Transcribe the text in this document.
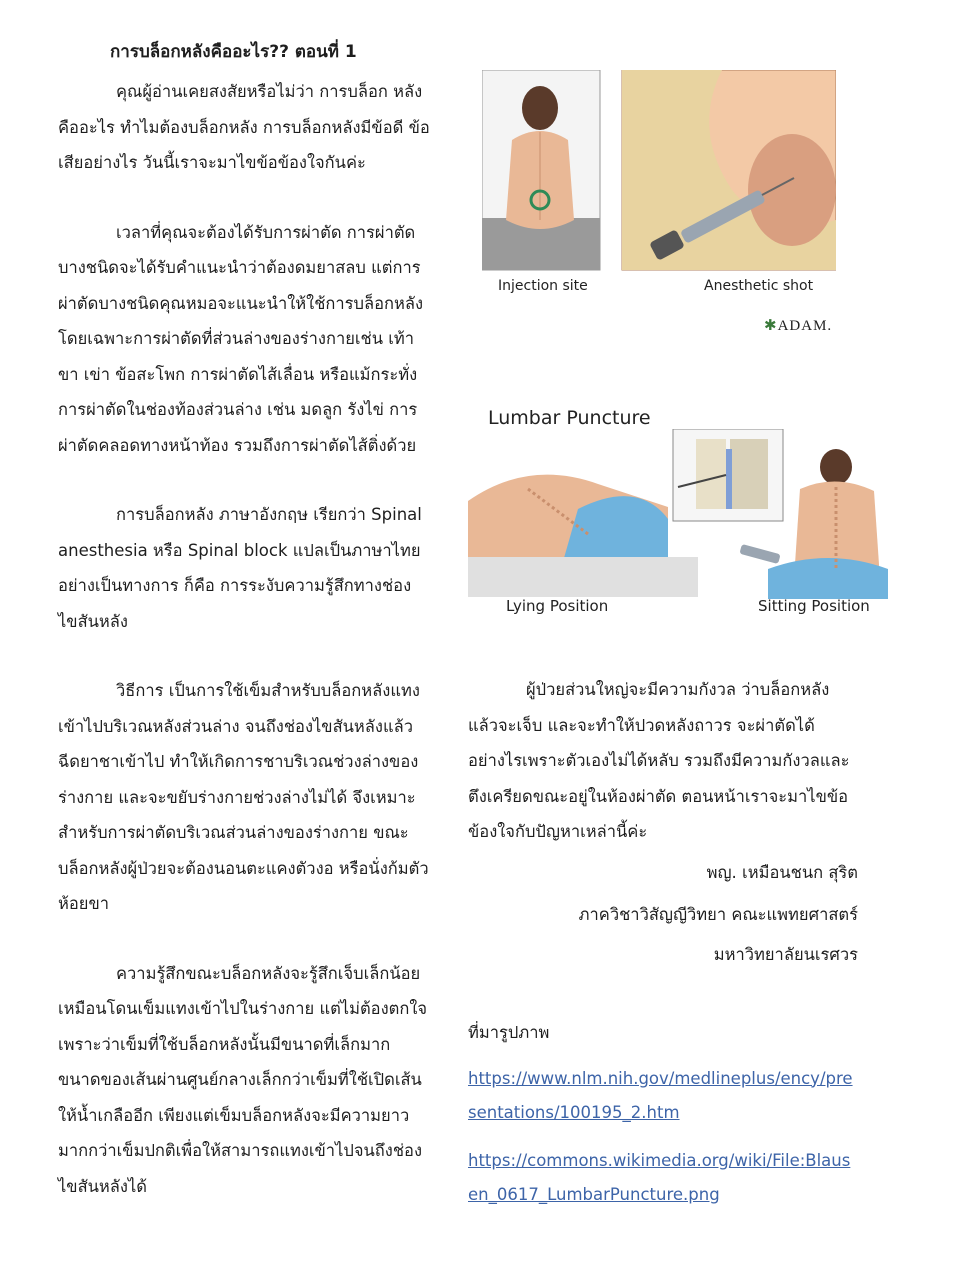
การบล็อกหลังคืออะไร?? ตอนที่ 1

คุณผู้อ่านเคยสงสัยหรือไม่ว่า การบล็อก หลังคืออะไร ทำไมต้องบล็อกหลัง การบล็อกหลังมีข้อดี ข้อเสียอย่างไร วันนี้เราจะมาไขข้อข้องใจกันค่ะ

เวลาที่คุณจะต้องได้รับการผ่าตัด การผ่าตัดบางชนิดจะได้รับคำแนะนำว่าต้องดมยาสลบ แต่การผ่าตัดบางชนิดคุณหมอจะแนะนำให้ใช้การบล็อกหลัง โดยเฉพาะการผ่าตัดที่ส่วนล่างของร่างกายเช่น เท้า ขา เข่า ข้อสะโพก การผ่าตัดไส้เลื่อน หรือแม้กระทั่งการผ่าตัดในช่องท้องส่วนล่าง เช่น มดลูก รังไข่ การผ่าตัดคลอดทางหน้าท้อง รวมถึงการผ่าตัดไส้ติ่งด้วย

การบล็อกหลัง ภาษาอังกฤษ เรียกว่า Spinal anesthesia หรือ Spinal block แปลเป็นภาษาไทยอย่างเป็นทางการ ก็คือ การระงับความรู้สึกทางช่องไขสันหลัง

วิธีการ เป็นการใช้เข็มสำหรับบล็อกหลังแทงเข้าไปบริเวณหลังส่วนล่าง จนถึงช่องไขสันหลังแล้วฉีดยาชาเข้าไป ทำให้เกิดการชาบริเวณช่วงล่างของร่างกาย และจะขยับร่างกายช่วงล่างไม่ได้ จึงเหมาะสำหรับการผ่าตัดบริเวณส่วนล่างของร่างกาย ขณะบล็อกหลังผู้ป่วยจะต้องนอนตะแคงตัวงอ หรือนั่งก้มตัวห้อยขา

ความรู้สึกขณะบล็อกหลังจะรู้สึกเจ็บเล็กน้อยเหมือนโดนเข็มแทงเข้าไปในร่างกาย แต่ไม่ต้องตกใจ เพราะว่าเข็มที่ใช้บล็อกหลังนั้นมีขนาดที่เล็กมาก ขนาดของเส้นผ่านศูนย์กลางเล็กกว่าเข็มที่ใช้เปิดเส้นให้น้ำเกลืออีก เพียงแต่เข็มบล็อกหลังจะมีความยาวมากกว่าเข็มปกติเพื่อให้สามารถแทงเข้าไปจนถึงช่องไขสันหลังได้

Injection site	Anesthetic shot
✱ADAM.
Lumbar Puncture
Lying Position	Sitting Position

ผู้ป่วยส่วนใหญ่จะมีความกังวล ว่าบล็อกหลังแล้วจะเจ็บ และจะทำให้ปวดหลังถาวร จะผ่าตัดได้อย่างไรเพราะตัวเองไม่ได้หลับ รวมถึงมีความกังวลและตึงเครียดขณะอยู่ในห้องผ่าตัด ตอนหน้าเราจะมาไขข้อข้องใจกับปัญหาเหล่านี้ค่ะ

พญ. เหมือนชนก สุริต
ภาควิชาวิสัญญีวิทยา คณะแพทยศาสตร์
มหาวิทยาลัยนเรศวร
ที่มารูปภาพ
https://www.nlm.nih.gov/medlineplus/ency/presentations/100195_2.htm
https://commons.wikimedia.org/wiki/File:Blausen_0617_LumbarPuncture.png
